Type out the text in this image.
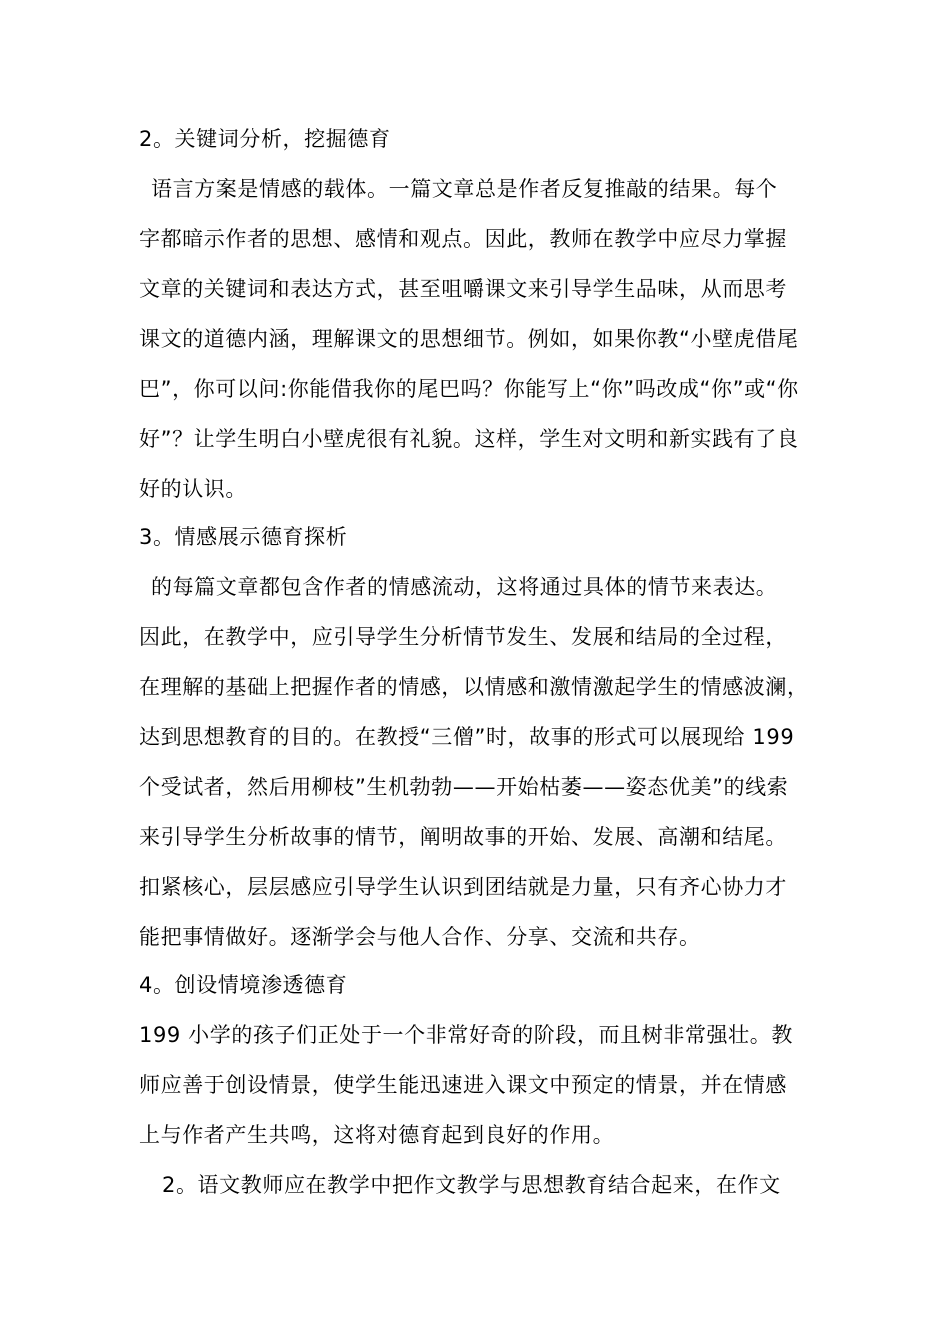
2。关键词分析，挖掘德育
语言方案是情感的载体。一篇文章总是作者反复推敲的结果。每个
字都暗示作者的思想、感情和观点。因此，教师在教学中应尽力掌握
文章的关键词和表达方式，甚至咀嚼课文来引导学生品味，从而思考
课文的道德内涵，理解课文的思想细节。例如，如果你教“小壁虎借尾
巴”，你可以问:你能借我你的尾巴吗？你能写上“你”吗改成“你”或“你
好”？让学生明白小壁虎很有礼貌。这样，学生对文明和新实践有了良
好的认识。
3。情感展示德育探析
的每篇文章都包含作者的情感流动，这将通过具体的情节来表达。
因此，在教学中，应引导学生分析情节发生、发展和结局的全过程，
在理解的基础上把握作者的情感，以情感和激情激起学生的情感波澜，
达到思想教育的目的。在教授“三僧”时，故事的形式可以展现给 199
个受试者，然后用柳枝”生机勃勃——开始枯萎——姿态优美”的线索
来引导学生分析故事的情节，阐明故事的开始、发展、高潮和结尾。
扣紧核心，层层感应引导学生认识到团结就是力量，只有齐心协力才
能把事情做好。逐渐学会与他人合作、分享、交流和共存。
4。创设情境渗透德育
199 小学的孩子们正处于一个非常好奇的阶段，而且树非常强壮。教
师应善于创设情景，使学生能迅速进入课文中预定的情景，并在情感
上与作者产生共鸣，这将对德育起到良好的作用。
2。语文教师应在教学中把作文教学与思想教育结合起来，在作文
